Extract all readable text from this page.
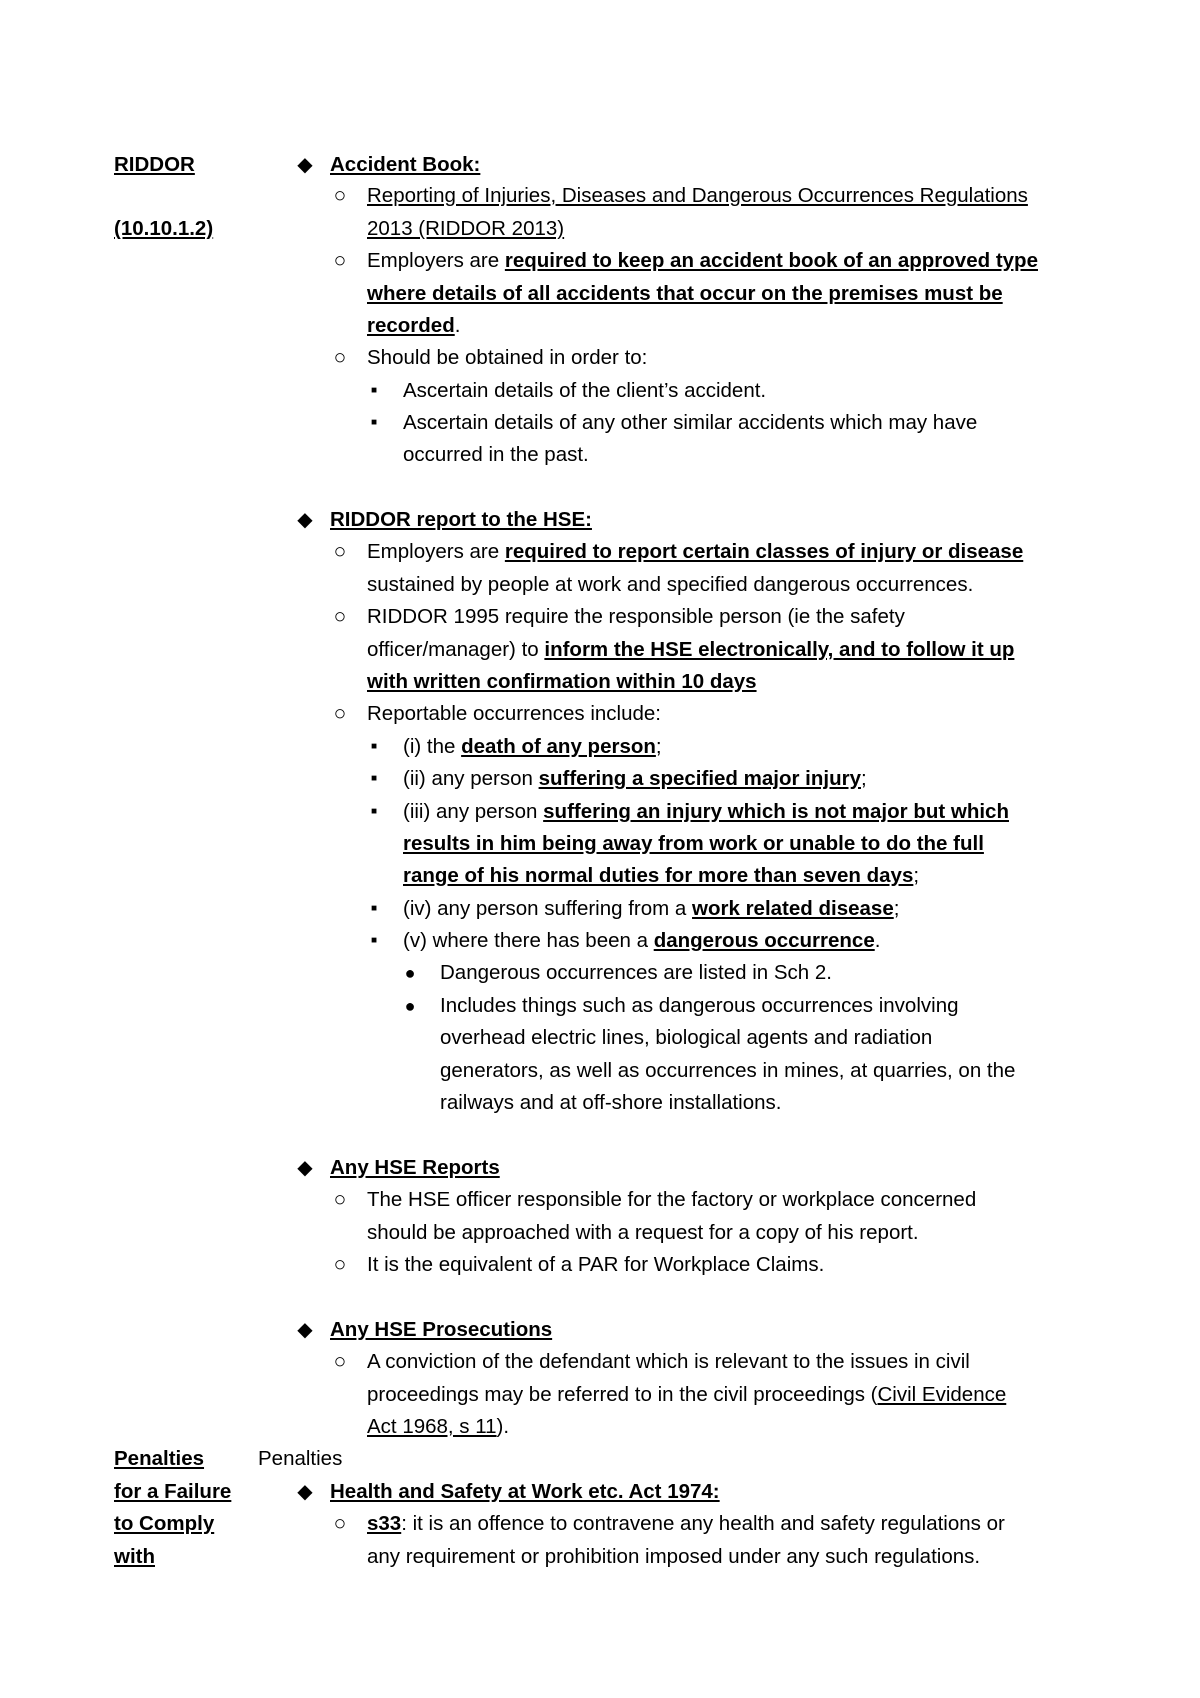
RIDDOR
(10.10.1.2)
◆ Accident Book:
○ Reporting of Injuries, Diseases and Dangerous Occurrences Regulations
2013 (RIDDOR 2013)
○ Employers are required to keep an accident book of an approved type
where details of all accidents that occur on the premises must be
recorded.
○ Should be obtained in order to:
■ Ascertain details of the client’s accident.
■ Ascertain details of any other similar accidents which may have
occurred in the past.
◆ RIDDOR report to the HSE:
○ Employers are required to report certain classes of injury or disease
sustained by people at work and specified dangerous occurrences.
○ RIDDOR 1995 require the responsible person (ie the safety
officer/manager) to inform the HSE electronically, and to follow it up
with written confirmation within 10 days
○ Reportable occurrences include:
■ (i) the death of any person;
■ (ii) any person suffering a specified major injury;
■ (iii) any person suffering an injury which is not major but which
results in him being away from work or unable to do the full
range of his normal duties for more than seven days;
■ (iv) any person suffering from a work related disease;
■ (v) where there has been a dangerous occurrence.
● Dangerous occurrences are listed in Sch 2.
● Includes things such as dangerous occurrences involving
overhead electric lines, biological agents and radiation
generators, as well as occurrences in mines, at quarries, on the
railways and at off-shore installations.
◆ Any HSE Reports
○ The HSE officer responsible for the factory or workplace concerned
should be approached with a request for a copy of his report.
○ It is the equivalent of a PAR for Workplace Claims.
◆ Any HSE Prosecutions
○ A conviction of the defendant which is relevant to the issues in civil
proceedings may be referred to in the civil proceedings (Civil Evidence
Act 1968, s 11).
Penalties
for a Failure
to Comply
with
Penalties
◆ Health and Safety at Work etc. Act 1974:
○ s33: it is an offence to contravene any health and safety regulations or
any requirement or prohibition imposed under any such regulations.
